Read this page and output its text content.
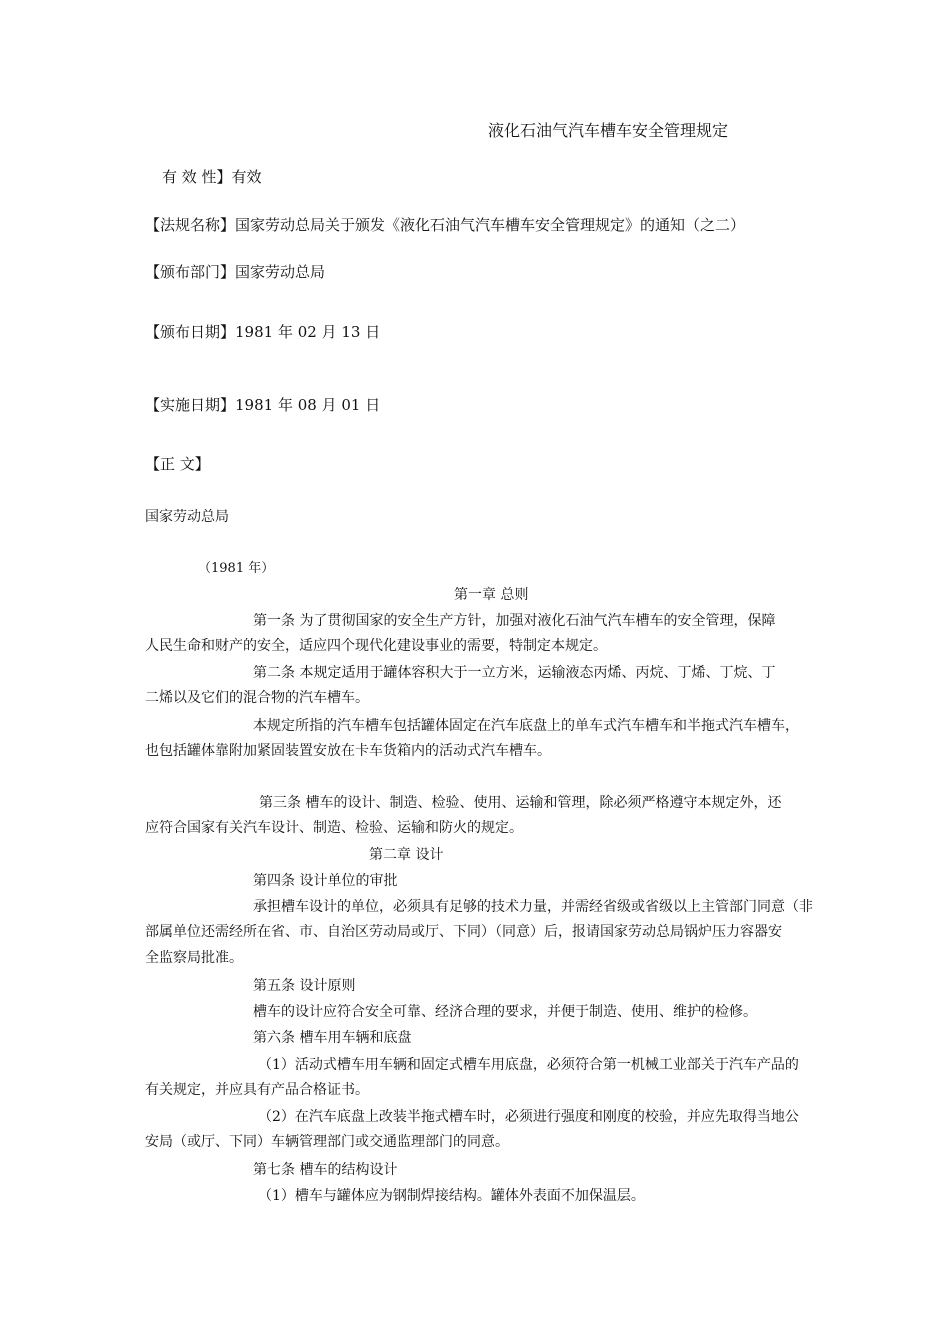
液化石油气汽车槽车安全管理规定
有 效 性】有效
【法规名称】国家劳动总局关于颁发《液化石油气汽车槽车安全管理规定》的通知（之二）
【颁布部门】国家劳动总局
【颁布日期】1981 年 02 月 13 日
【实施日期】1981 年 08 月 01 日
【正 文】
国家劳动总局
（1981 年）
第一章 总则
第一条 为了贯彻国家的安全生产方针，加强对液化石油气汽车槽车的安全管理，保障
人民生命和财产的安全，适应四个现代化建设事业的需要，特制定本规定。
第二条 本规定适用于罐体容积大于一立方米，运输液态丙烯、丙烷、丁烯、丁烷、丁
二烯以及它们的混合物的汽车槽车。
本规定所指的汽车槽车包括罐体固定在汽车底盘上的单车式汽车槽车和半拖式汽车槽车，
也包括罐体靠附加紧固装置安放在卡车货箱内的活动式汽车槽车。
第三条 槽车的设计、制造、检验、使用、运输和管理，除必须严格遵守本规定外，还
应符合国家有关汽车设计、制造、检验、运输和防火的规定。
第二章 设计
第四条 设计单位的审批
承担槽车设计的单位，必须具有足够的技术力量，并需经省级或省级以上主管部门同意（非
部属单位还需经所在省、市、自治区劳动局或厅、下同）（同意）后，报请国家劳动总局锅炉压力容器安
全监察局批准。
第五条 设计原则
槽车的设计应符合安全可靠、经济合理的要求，并便于制造、使用、维护的检修。
第六条 槽车用车辆和底盘
（1）活动式槽车用车辆和固定式槽车用底盘，必须符合第一机械工业部关于汽车产品的
有关规定，并应具有产品合格证书。
（2）在汽车底盘上改装半拖式槽车时，必须进行强度和刚度的校验，并应先取得当地公
安局（或厅、下同）车辆管理部门或交通监理部门的同意。
第七条 槽车的结构设计
（1）槽车与罐体应为钢制焊接结构。罐体外表面不加保温层。
